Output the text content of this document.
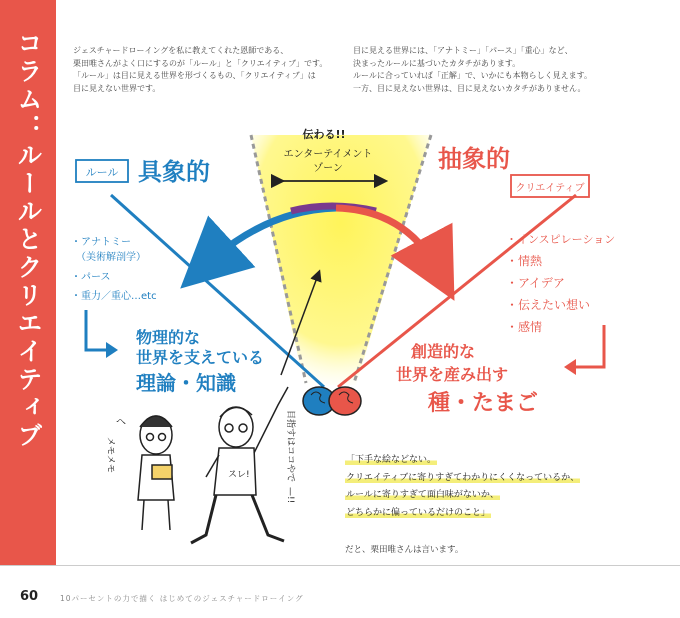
コラム：ルールとクリエイティブ	ジェスチャードローイングを私に教えてくれた恩師である、

栗田唯さんがよく口にするのが「ルール」と「クリエイティブ」です。

「ルール」は目に見える世界を形づくるもの、「クリエイティブ」は

目に見えない世界です。

目に見える世界には、「アナトミー」「パース」「重心」など、

決まったルールに基づいたカタチがあります。

ルールに合っていれば「正解」で、いかにも本物らしく見えます。

一方、目に見えない世界は、目に見えないカタチがありません。

伝わる!!
エンターテイメント
ゾーン
ルール 具象的	抽象的
クリエイティブ
・アナトミー
（美術解剖学）
・パース
・重力／重心…etc
物理的な
世界を支えている
理論・知識
・インスピレーション
・情熱
・アイデア
・伝えたい想い
・感情
創造的な
世界を産み出す
種・たまご
へ
メモメモ
スレ!	目指すはココやで
—!!

「下手な絵などない。

クリエイティブに寄りすぎてわかりにくくなっているか、

ルールに寄りすぎて面白味がないか、

どちらかに偏っているだけのこと」

だと、栗田唯さんは言います。
60	10パーセントの力で描く はじめてのジェスチャードローイング
